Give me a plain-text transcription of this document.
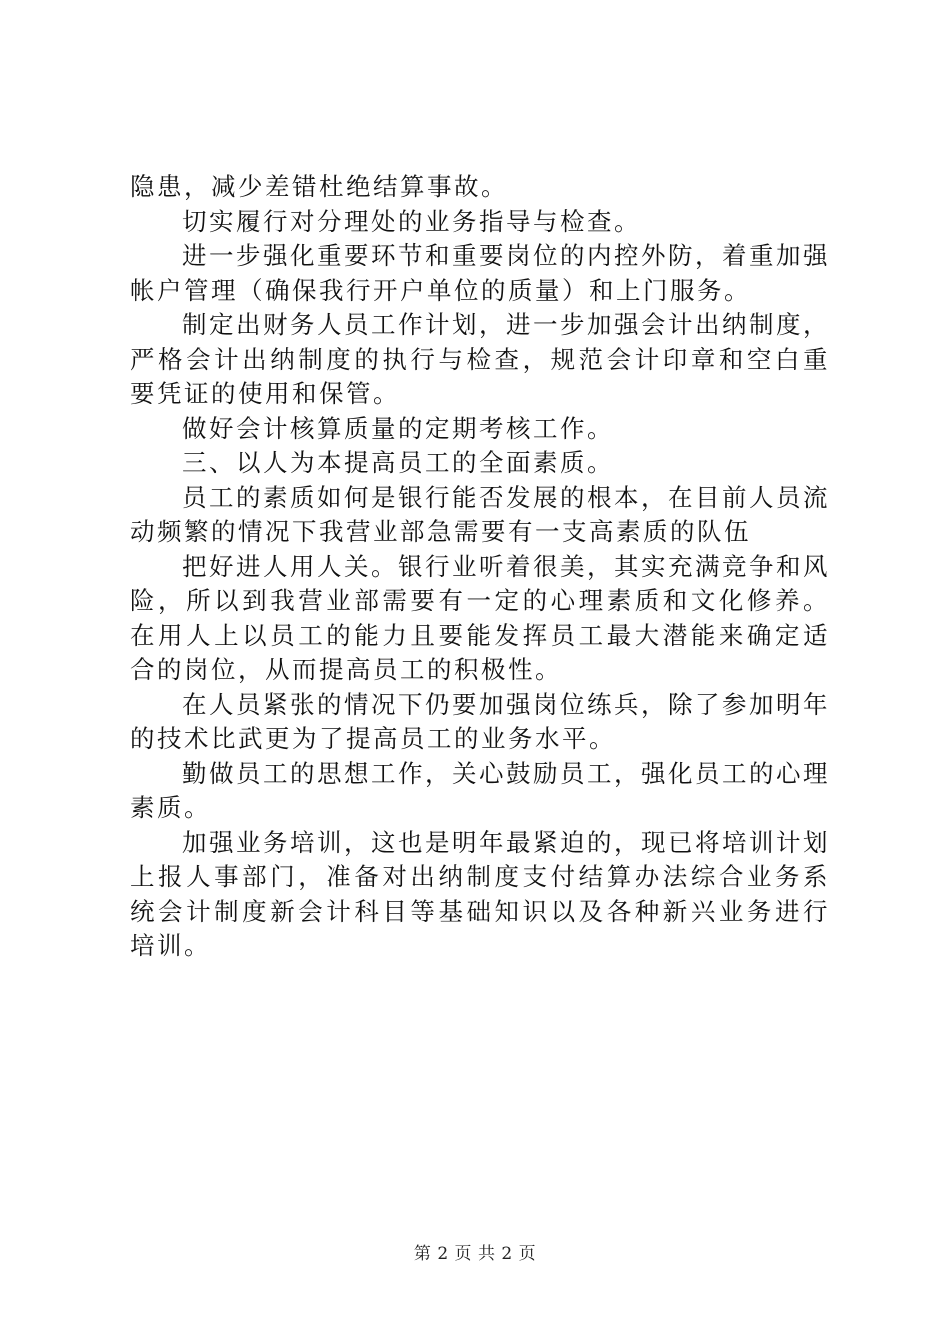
隐患，减少差错杜绝结算事故。

切实履行对分理处的业务指导与检查。

进一步强化重要环节和重要岗位的内控外防，着重加强帐户管理（确保我行开户单位的质量）和上门服务。

制定出财务人员工作计划，进一步加强会计出纳制度，严格会计出纳制度的执行与检查，规范会计印章和空白重要凭证的使用和保管。

做好会计核算质量的定期考核工作。

三、以人为本提高员工的全面素质。

员工的素质如何是银行能否发展的根本，在目前人员流动频繁的情况下我营业部急需要有一支高素质的队伍

把好进人用人关。银行业听着很美，其实充满竞争和风险，所以到我营业部需要有一定的心理素质和文化修养。在用人上以员工的能力且要能发挥员工最大潜能来确定适合的岗位，从而提高员工的积极性。

在人员紧张的情况下仍要加强岗位练兵，除了参加明年的技术比武更为了提高员工的业务水平。

勤做员工的思想工作，关心鼓励员工，强化员工的心理素质。

加强业务培训，这也是明年最紧迫的，现已将培训计划上报人事部门，准备对出纳制度支付结算办法综合业务系统会计制度新会计科目等基础知识以及各种新兴业务进行培训。

第 2 页 共 2 页
